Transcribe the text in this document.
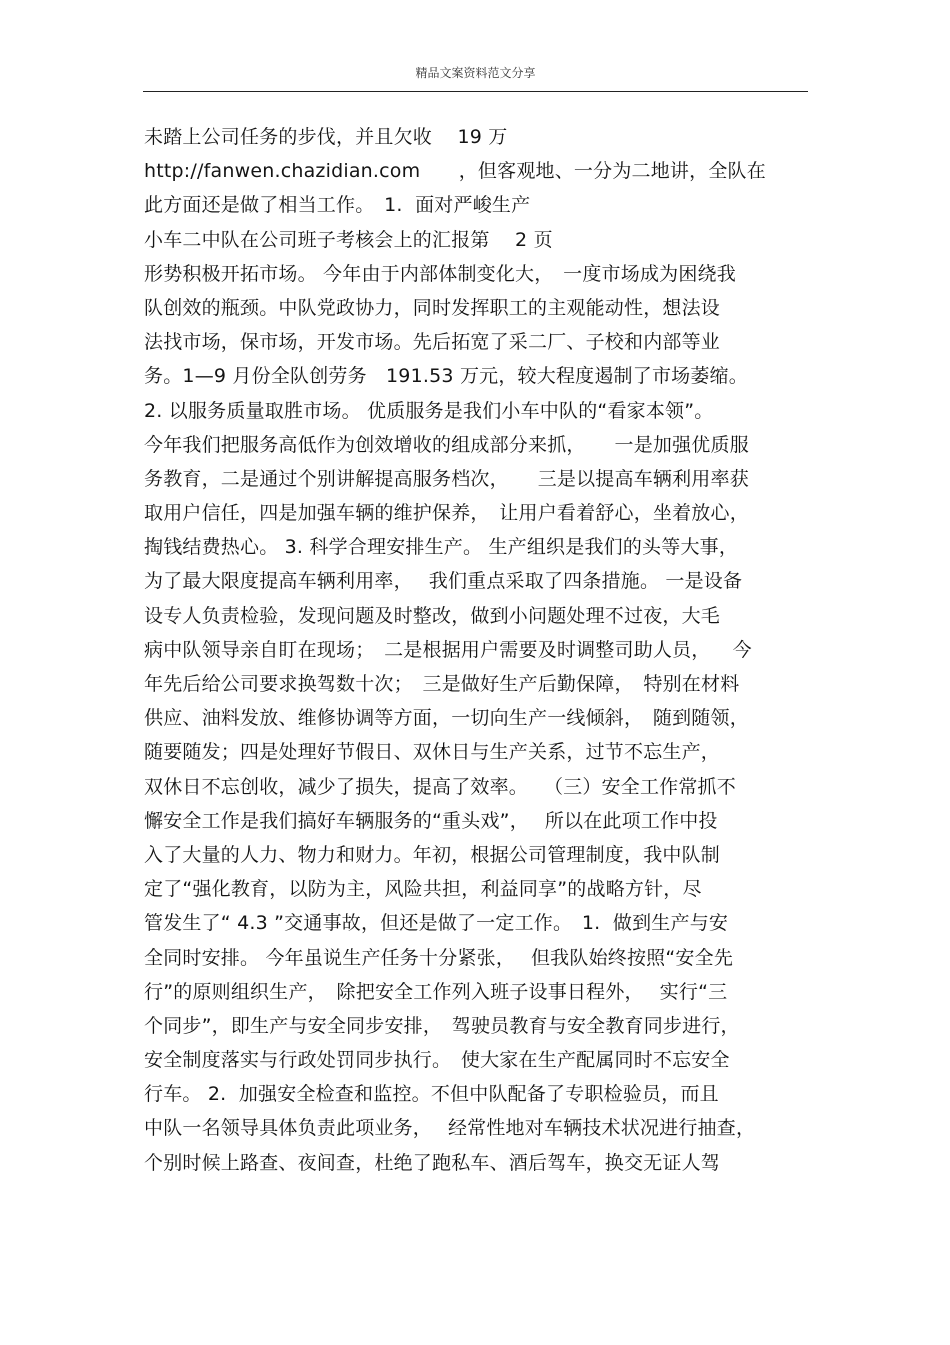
精品文案资料范文分享
未踏上公司任务的步伐，并且欠收　 19 万
http://fanwen.chazidian.com　　，但客观地、一分为二地讲，全队在
此方面还是做了相当工作。　1.  面对严峻生产
小车二中队在公司班子考核会上的汇报第　 2 页
形势积极开拓市场。 今年由于内部体制变化大，　一度市场成为困绕我
队创效的瓶颈。中队党政协力，同时发挥职工的主观能动性，想法设
法找市场，保市场，开发市场。先后拓宽了采二厂、子校和内部等业
务。1—9 月份全队创劳务　191.53 万元，较大程度遏制了市场萎缩。
2. 以服务质量取胜市场。 优质服务是我们小车中队的“看家本领”。
今年我们把服务高低作为创效增收的组成部分来抓，　　一是加强优质服
务教育，二是通过个别讲解提高服务档次，　　三是以提高车辆利用率获
取用户信任，四是加强车辆的维护保养，　让用户看着舒心，坐着放心，
掏钱结费热心。 3. 科学合理安排生产。 生产组织是我们的头等大事，
为了最大限度提高车辆利用率，　 我们重点采取了四条措施。 一是设备
设专人负责检验，发现问题及时整改，做到小问题处理不过夜，大毛
病中队领导亲自盯在现场；　二是根据用户需要及时调整司助人员，　  今
年先后给公司要求换驾数十次；　三是做好生产后勤保障，　特别在材料
供应、油料发放、维修协调等方面，一切向生产一线倾斜，　随到随领，
随要随发；四是处理好节假日、双休日与生产关系，过节不忘生产，
双休日不忘创收，减少了损失，提高了效率。　 （三）安全工作常抓不
懈安全工作是我们搞好车辆服务的“重头戏”，　 所以在此项工作中投
入了大量的人力、物力和财力。年初，根据公司管理制度，我中队制
定了“强化教育，以防为主，风险共担，利益同享”的战略方针，尽
管发生了“ 4.3 ”交通事故，但还是做了一定工作。　1.  做到生产与安
全同时安排。 今年虽说生产任务十分紧张，　 但我队始终按照“安全先
行”的原则组织生产，　除把安全工作列入班子设事日程外，　 实行“三
个同步”，即生产与安全同步安排，　驾驶员教育与安全教育同步进行，
安全制度落实与行政处罚同步执行。　使大家在生产配属同时不忘安全
行车。 2.  加强安全检查和监控。不但中队配备了专职检验员，而且
中队一名领导具体负责此项业务，　 经常性地对车辆技术状况进行抽查，
个别时候上路查、夜间查，杜绝了跑私车、酒后驾车，换交无证人驾
